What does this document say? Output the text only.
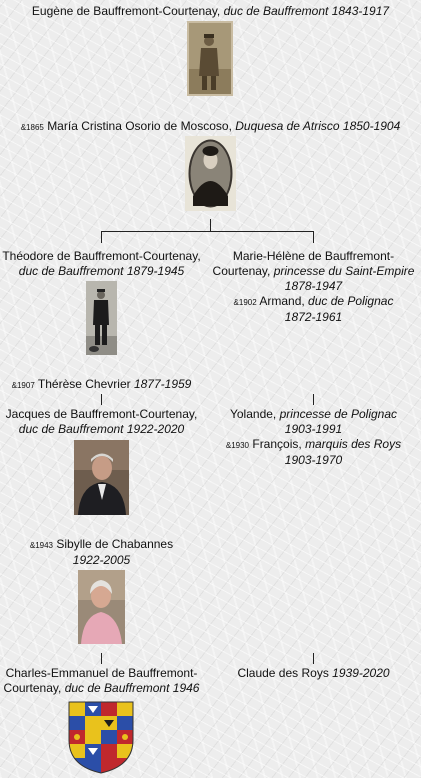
Eugène de Bauffremont-Courtenay, duc de Bauffremont 1843-1917
&1865 María Cristina Osorio de Moscoso, Duquesa de Atrisco 1850-1904
Théodore de Bauffremont-Courtenay,
duc de Bauffremont 1879-1945
&1907 Thérèse Chevrier 1877-1959
Marie-Hélène de Bauffremont-
Courtenay, princesse du Saint-Empire
1878-1947
&1902 Armand, duc de Polignac
1872-1961
Jacques de Bauffremont-Courtenay,
duc de Bauffremont 1922-2020
&1943 Sibylle de Chabannes
1922-2005
Yolande, princesse de Polignac
1903-1991
&1930 François, marquis des Roys
1903-1970
Charles-Emmanuel de Bauffremont-
Courtenay, duc de Bauffremont 1946
Claude des Roys 1939-2020
